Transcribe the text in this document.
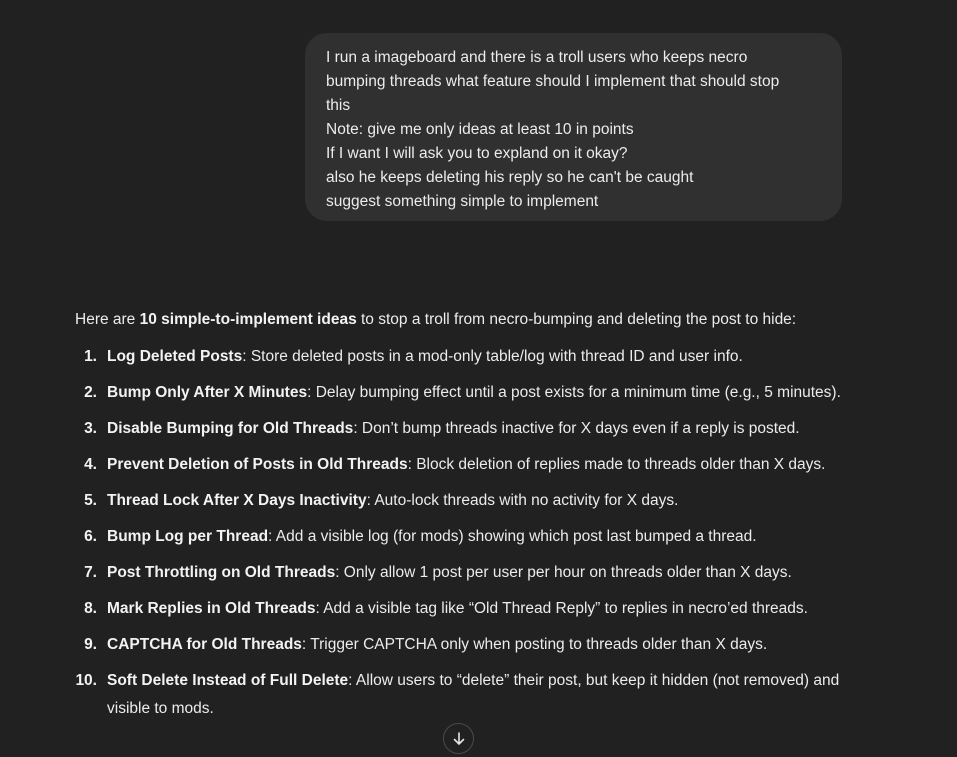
I run a imageboard and there is a troll users who keeps necro
bumping threads what feature should I implement that should stop
this
Note: give me only ideas at least 10 in points
If I want I will ask you to expland on it okay?
also he keeps deleting his reply so he can't be caught
suggest something simple to implement

Here are 10 simple-to-implement ideas to stop a troll from necro-bumping and deleting the post to hide:

1. Log Deleted Posts: Store deleted posts in a mod-only table/log with thread ID and user info.
2. Bump Only After X Minutes: Delay bumping effect until a post exists for a minimum time (e.g., 5 minutes).
3. Disable Bumping for Old Threads: Don’t bump threads inactive for X days even if a reply is posted.
4. Prevent Deletion of Posts in Old Threads: Block deletion of replies made to threads older than X days.
5. Thread Lock After X Days Inactivity: Auto-lock threads with no activity for X days.
6. Bump Log per Thread: Add a visible log (for mods) showing which post last bumped a thread.
7. Post Throttling on Old Threads: Only allow 1 post per user per hour on threads older than X days.
8. Mark Replies in Old Threads: Add a visible tag like “Old Thread Reply” to replies in necro’ed threads.
9. CAPTCHA for Old Threads: Trigger CAPTCHA only when posting to threads older than X days.
10. Soft Delete Instead of Full Delete: Allow users to “delete” their post, but keep it hidden (not removed) and visible to mods.
